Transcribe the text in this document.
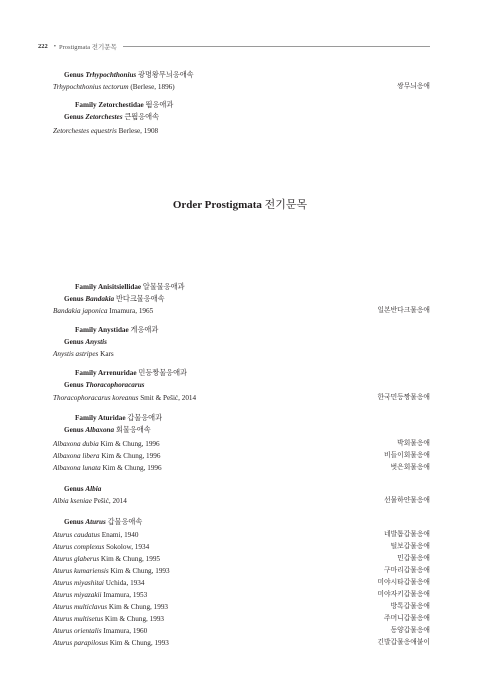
222 • Prostigmata 전기문목
Genus Trhypochthonius 광명왕무늬응애속
Trhypochthonius tectorum (Berlese, 1896)	쌍무늬응애
Family Zetorchestidae 뛈응애과
Genus Zetorchestes 큰뛈응애속
Zetorchestes equestris Berlese, 1908
Order Prostigmata 전기문목
Family Anisitsiellidae 알물물응애과
Genus Bandakia 반다크물응애속
Bandakia japonica Imamura, 1965	일본반다크물응애
Family Anystidae 게응애과
Genus Anystis
Anystis astripes Kars
Family Arrenuridae 민등짱물응애과
Genus Thoracophoracarus
Thoracophoracarus koreanus Smit & Pešić, 2014	한국민등짱물응애
Family Aturidae 갑물응애과
Genus Albaxona 회물응애속
Albaxona dubia Kim & Chung, 1996	박회물응애
Albaxona libera Kim & Chung, 1996	비들이회물응애
Albaxona lunata Kim & Chung, 1996	벗은회물응애
Genus Albia
Albia kseniae Pešić, 2014	선물하얀물응애
Genus Aturus 갑물응애속
Aturus caudatus Enami, 1940	네발톱갑물응애
Aturus complexus Sokolow, 1934	털보갑물응애
Aturus glaberus Kim & Chung, 1995	민갑물응애
Aturus kumariensis Kim & Chung, 1993	구마리갑물응애
Aturus miyashitai Uchida, 1934	미야시타갑물응애
Aturus miyazakii Imamura, 1953	미야자키갑물응애
Aturus multiclavus Kim & Chung, 1993	방톡갑물응애
Aturus multisetus Kim & Chung, 1993	주머니갑물응애
Aturus orientalis Imamura, 1960	동양갑물응애
Aturus parapilosus Kim & Chung, 1993	긴발갑물응애붙이
